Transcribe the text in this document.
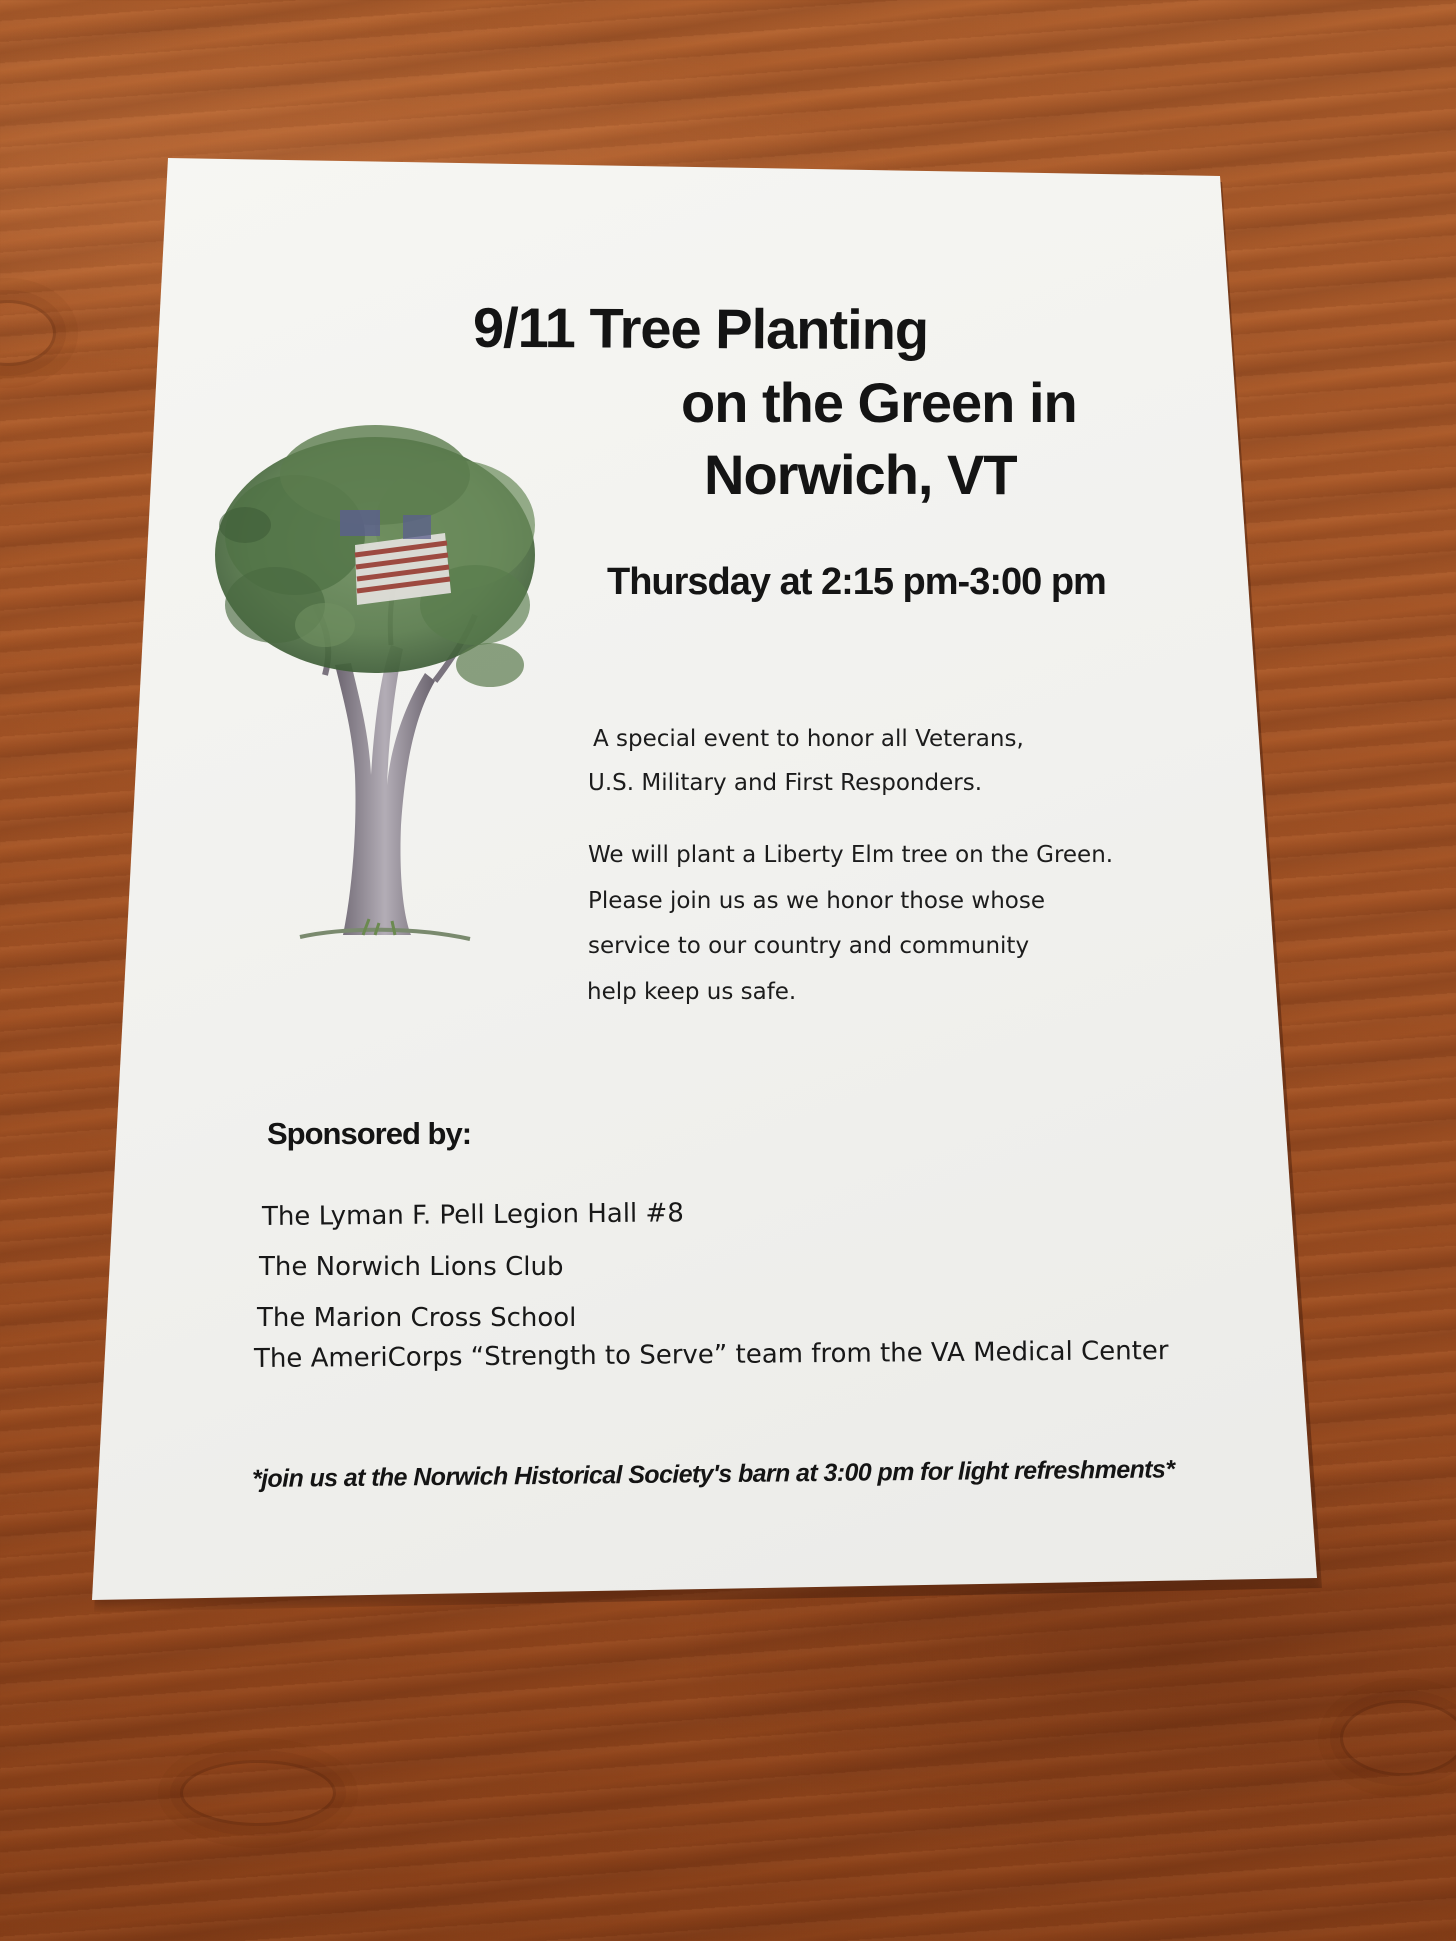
9/11 Tree Planting
on the Green in
Norwich, VT
Thursday at 2:15 pm-3:00 pm
A special event to honor all Veterans,
U.S. Military and First Responders.
We will plant a Liberty Elm tree on the Green.
Please join us as we honor those whose
service to our country and community
help keep us safe.
Sponsored by:
The Lyman F. Pell Legion Hall #8
The Norwich Lions Club
The Marion Cross School
The AmeriCorps “Strength to Serve” team from the VA Medical Center
*join us at the Norwich Historical Society's barn at 3:00 pm for light refreshments*
